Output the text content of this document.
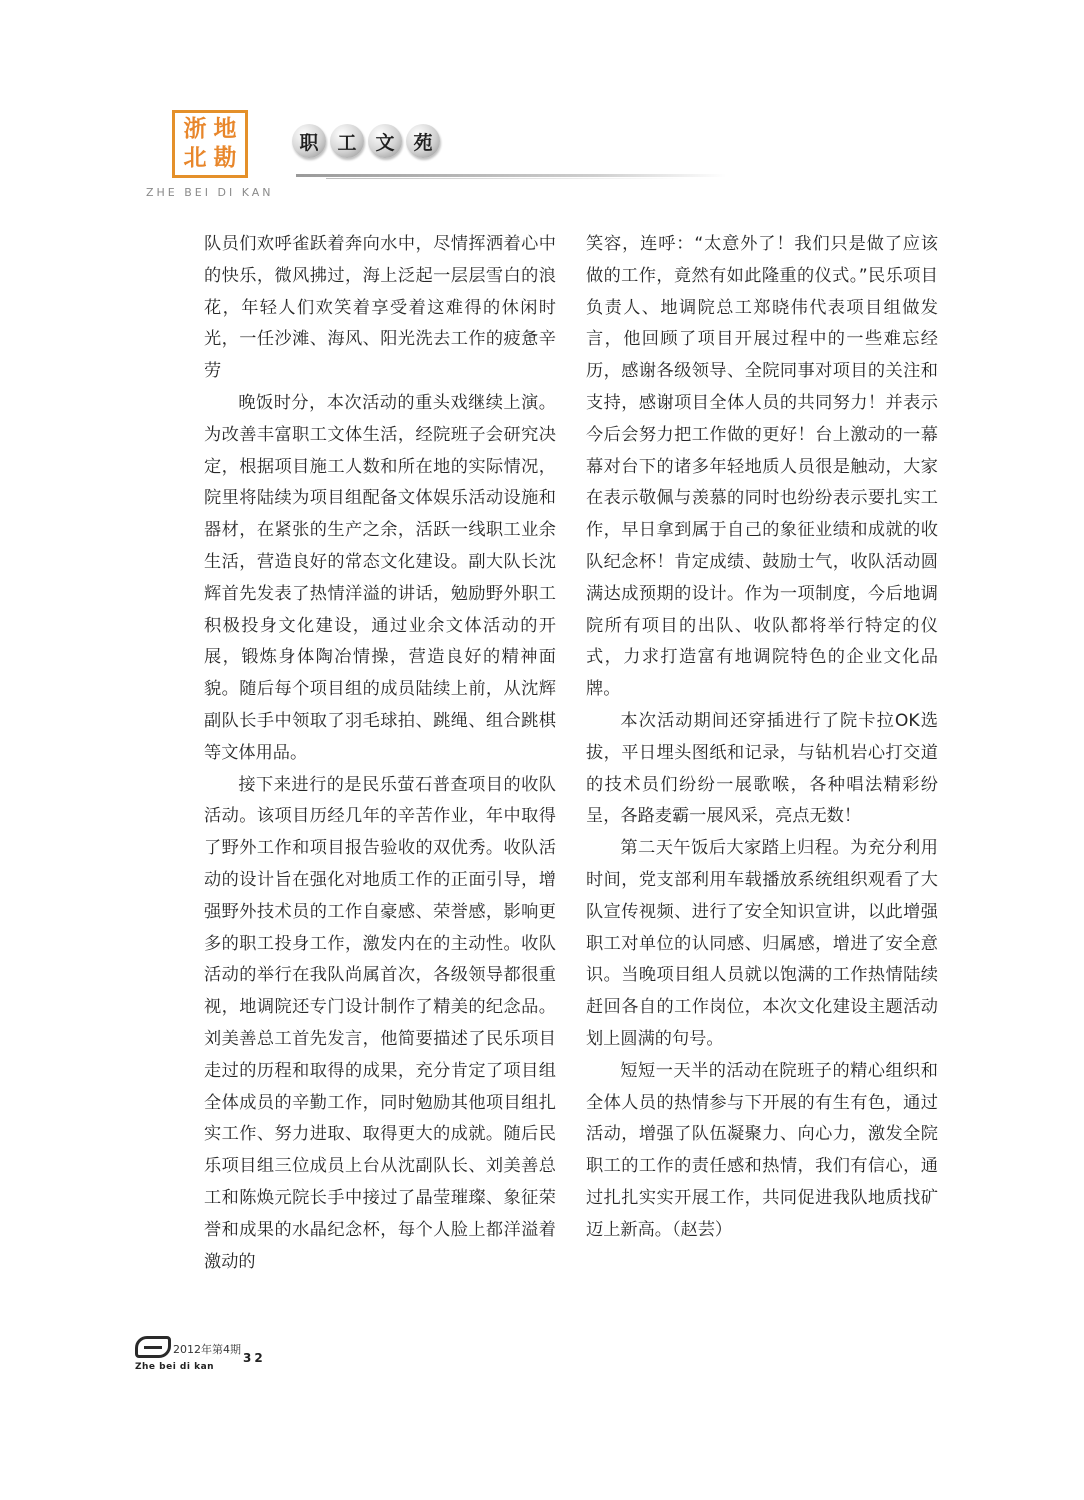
浙 地
北 勘
ZHE BEI DI KAN
职 工 文 苑

队员们欢呼雀跃着奔向水中，尽情挥洒着心中的快乐，微风拂过，海上泛起一层层雪白的浪花，年轻人们欢笑着享受着这难得的休闲时光，一任沙滩、海风、阳光洗去工作的疲惫辛劳

晚饭时分，本次活动的重头戏继续上演。为改善丰富职工文体生活，经院班子会研究决定，根据项目施工人数和所在地的实际情况，院里将陆续为项目组配备文体娱乐活动设施和器材，在紧张的生产之余，活跃一线职工业余生活，营造良好的常态文化建设。副大队长沈辉首先发表了热情洋溢的讲话，勉励野外职工积极投身文化建设，通过业余文体活动的开展，锻炼身体陶冶情操，营造良好的精神面貌。随后每个项目组的成员陆续上前，从沈辉副队长手中领取了羽毛球拍、跳绳、组合跳棋等文体用品。

接下来进行的是民乐萤石普查项目的收队活动。该项目历经几年的辛苦作业，年中取得了野外工作和项目报告验收的双优秀。收队活动的设计旨在强化对地质工作的正面引导，增强野外技术员的工作自豪感、荣誉感，影响更多的职工投身工作，激发内在的主动性。收队活动的举行在我队尚属首次，各级领导都很重视，地调院还专门设计制作了精美的纪念品。刘美善总工首先发言，他简要描述了民乐项目走过的历程和取得的成果，充分肯定了项目组全体成员的辛勤工作，同时勉励其他项目组扎实工作、努力进取、取得更大的成就。随后民乐项目组三位成员上台从沈副队长、刘美善总工和陈焕元院长手中接过了晶莹璀璨、象征荣誉和成果的水晶纪念杯，每个人脸上都洋溢着激动的

笑容，连呼：“太意外了！我们只是做了应该做的工作，竟然有如此隆重的仪式。”民乐项目负责人、地调院总工郑晓伟代表项目组做发言，他回顾了项目开展过程中的一些难忘经历，感谢各级领导、全院同事对项目的关注和支持，感谢项目全体人员的共同努力！并表示今后会努力把工作做的更好！台上激动的一幕幕对台下的诸多年轻地质人员很是触动，大家在表示敬佩与羡慕的同时也纷纷表示要扎实工作，早日拿到属于自己的象征业绩和成就的收队纪念杯！肯定成绩、鼓励士气，收队活动圆满达成预期的设计。作为一项制度，今后地调院所有项目的出队、收队都将举行特定的仪式，力求打造富有地调院特色的企业文化品牌。

本次活动期间还穿插进行了院卡拉OK选拔，平日埋头图纸和记录，与钻机岩心打交道的技术员们纷纷一展歌喉，各种唱法精彩纷呈，各路麦霸一展风采，亮点无数！

第二天午饭后大家踏上归程。为充分利用时间，党支部利用车载播放系统组织观看了大队宣传视频、进行了安全知识宣讲，以此增强职工对单位的认同感、归属感，增进了安全意识。当晚项目组人员就以饱满的工作热情陆续赶回各自的工作岗位，本次文化建设主题活动划上圆满的句号。

短短一天半的活动在院班子的精心组织和全体人员的热情参与下开展的有生有色，通过活动，增强了队伍凝聚力、向心力，激发全院职工的工作的责任感和热情，我们有信心，通过扎扎实实开展工作，共同促进我队地质找矿迈上新高。（赵芸）

2012年第4期
32
Zhe bei di kan
